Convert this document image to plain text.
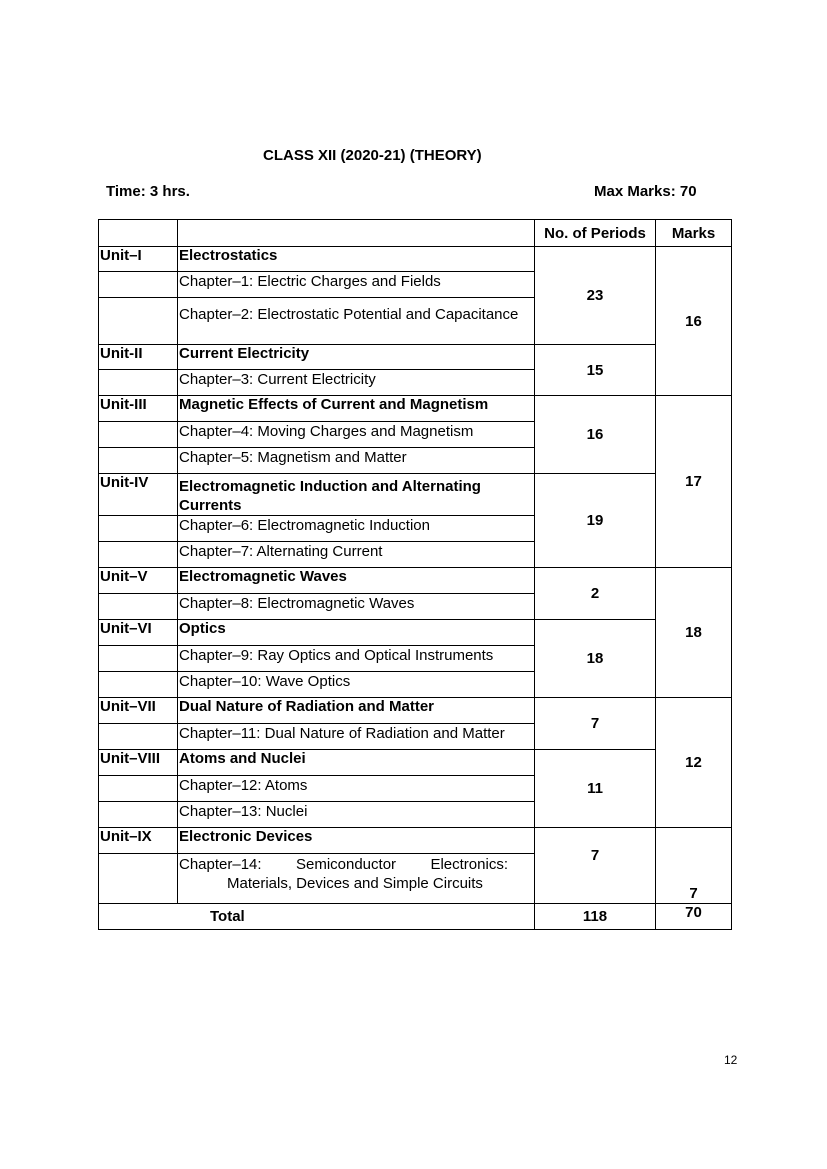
CLASS XII (2020-21) (THEORY)
Time: 3 hrs.	Max Marks: 70
		No. of Periods	Marks
Unit–I	Electrostatics	23	16
	Chapter–1: Electric Charges and Fields		
	Chapter–2: Electrostatic Potential and Capacitance		
Unit-II	Current Electricity	15	
	Chapter–3: Current Electricity		
Unit-III	Magnetic Effects of Current and Magnetism	16	17
	Chapter–4: Moving Charges and Magnetism		
	Chapter–5: Magnetism and Matter		
Unit-IV	Electromagnetic Induction and Alternating Currents	19	
	Chapter–6: Electromagnetic Induction		
	Chapter–7: Alternating Current		
Unit–V	Electromagnetic Waves	2	18
	Chapter–8: Electromagnetic Waves		
Unit–VI	Optics	18	
	Chapter–9: Ray Optics and Optical Instruments		
	Chapter–10: Wave Optics		
Unit–VII	Dual Nature of Radiation and Matter	7	12
	Chapter–11: Dual Nature of Radiation and Matter		
Unit–VIII	Atoms and Nuclei	11	
	Chapter–12: Atoms		
	Chapter–13: Nuclei		
Unit–IX	Electronic Devices	7	7

	Chapter–14: Semiconductor Electronics:
Materials, Devices and Simple Circuits		

Total		118	70
12
